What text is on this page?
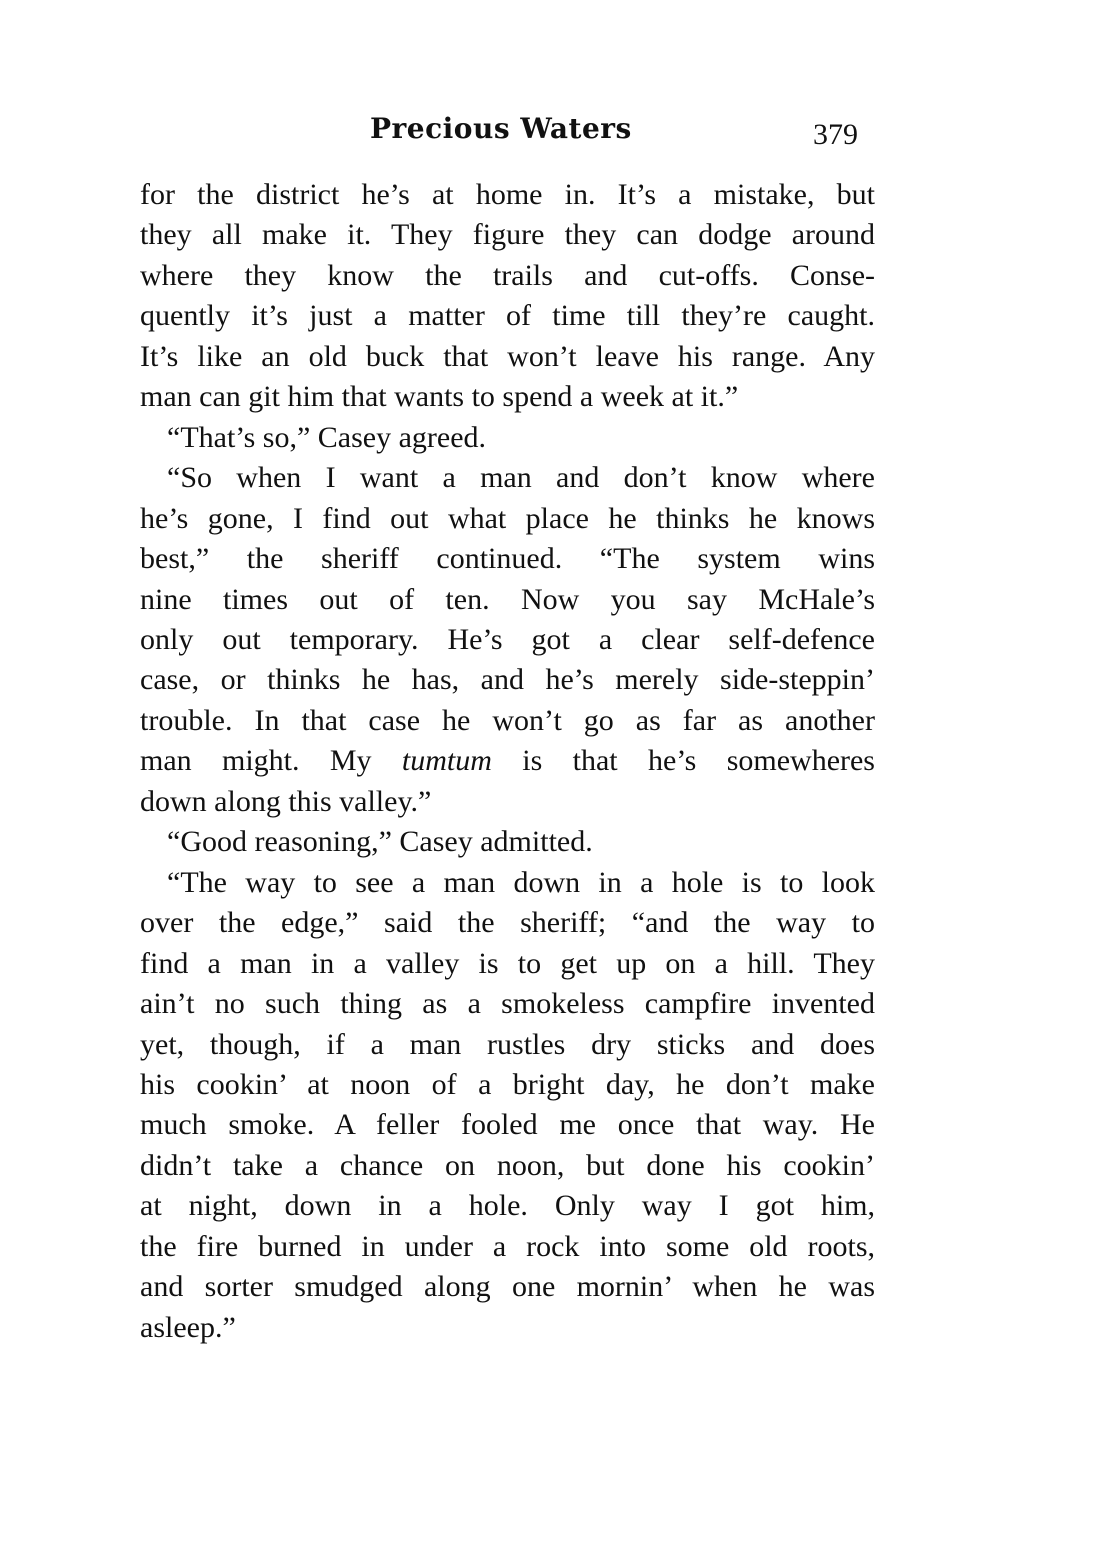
Precious Waters	379
for the district he’s at home in. It’s a mistake, but
they all make it. They figure they can dodge around
where they know the trails and cut-offs. Conse-
quently it’s just a matter of time till they’re caught.
It’s like an old buck that won’t leave his range. Any
man can git him that wants to spend a week at it.”
“That’s so,” Casey agreed.
“So when I want a man and don’t know where
he’s gone, I find out what place he thinks he knows
best,” the sheriff continued. “The system wins
nine times out of ten. Now you say McHale’s
only out temporary. He’s got a clear self-defence
case, or thinks he has, and he’s merely side-steppin’
trouble. In that case he won’t go as far as another
man might. My tumtum is that he’s somewheres
down along this valley.”
“Good reasoning,” Casey admitted.
“The way to see a man down in a hole is to look
over the edge,” said the sheriff; “and the way to
find a man in a valley is to get up on a hill. They
ain’t no such thing as a smokeless campfire invented
yet, though, if a man rustles dry sticks and does
his cookin’ at noon of a bright day, he don’t make
much smoke. A feller fooled me once that way. He
didn’t take a chance on noon, but done his cookin’
at night, down in a hole. Only way I got him,
the fire burned in under a rock into some old roots,
and sorter smudged along one mornin’ when he was
asleep.”
